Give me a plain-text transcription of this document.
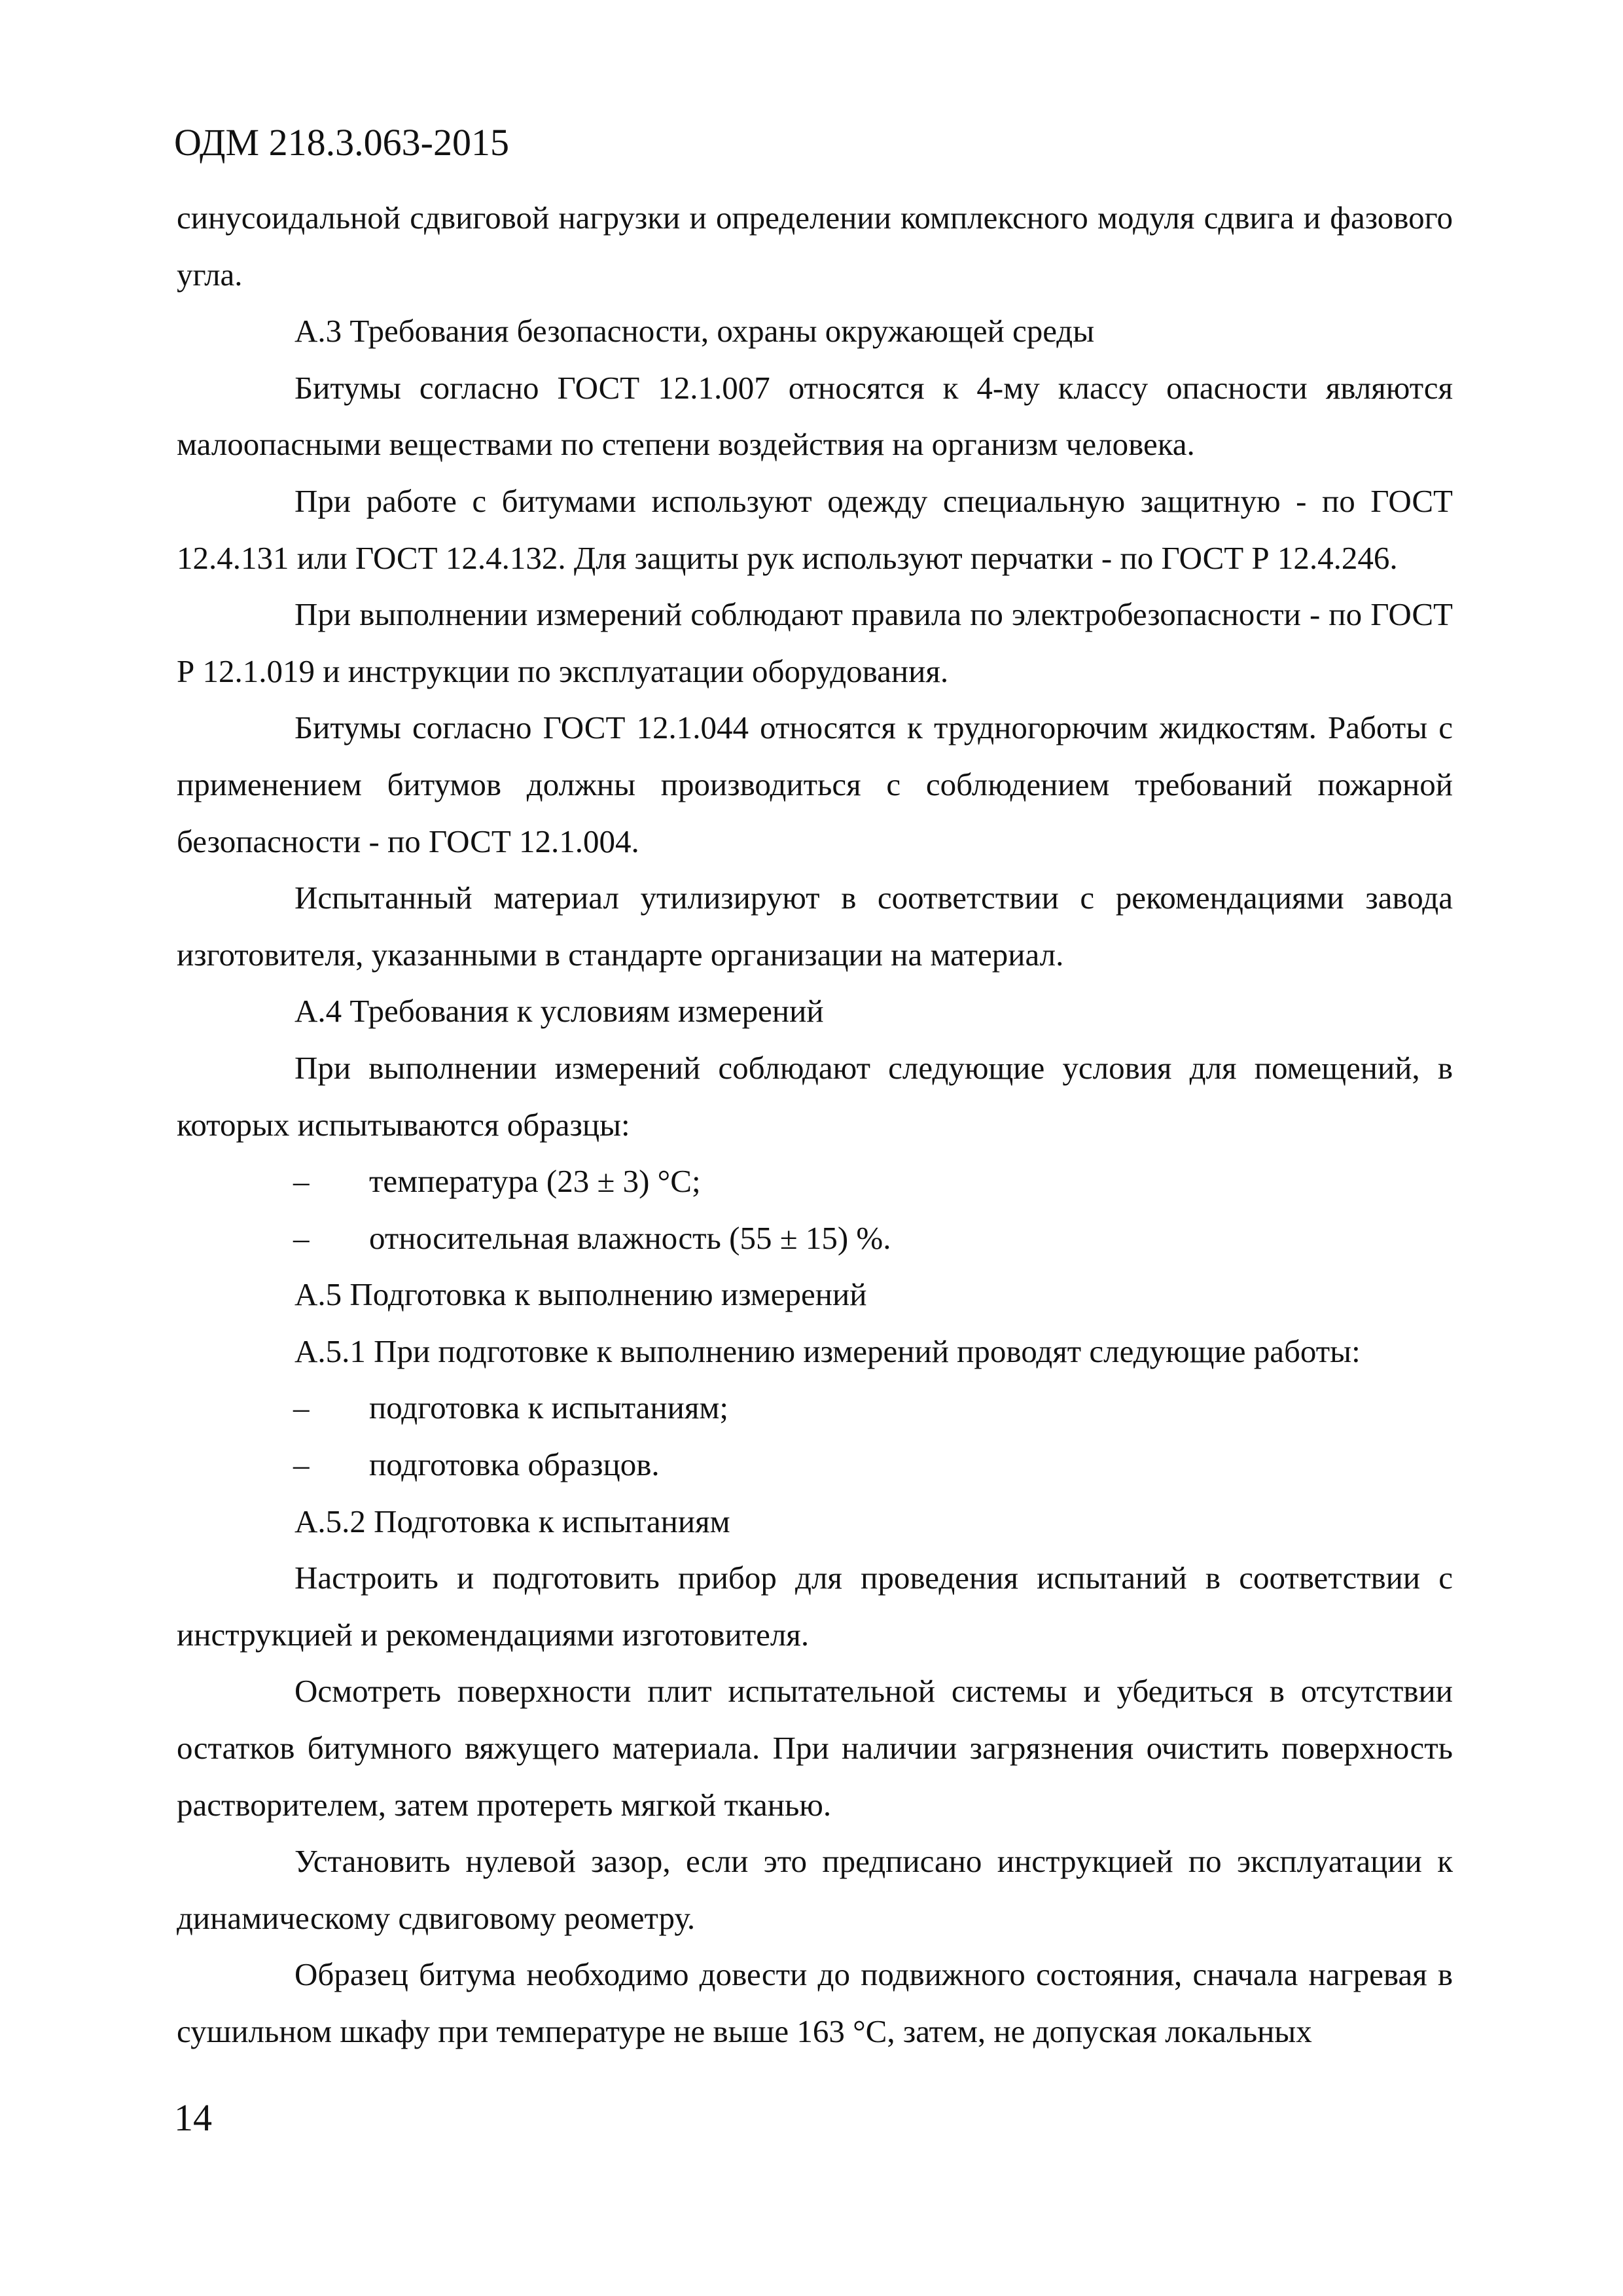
ОДМ 218.3.063-2015

синусоидальной сдвиговой нагрузки и определении комплексного модуля сдвига и фазового угла.

А.3 Требования безопасности, охраны окружающей среды

Битумы согласно ГОСТ 12.1.007 относятся к 4-му классу опасности являются малоопасными веществами по степени воздействия на организм человека.

При работе с битумами используют одежду специальную защитную - по ГОСТ 12.4.131 или ГОСТ 12.4.132. Для защиты рук используют перчатки - по ГОСТ Р 12.4.246.

При выполнении измерений соблюдают правила по электробезопасности - по ГОСТ Р 12.1.019 и инструкции по эксплуатации оборудования.

Битумы согласно ГОСТ 12.1.044 относятся к трудногорючим жидкостям. Работы с применением битумов должны производиться с соблюдением требований пожарной безопасности - по ГОСТ 12.1.004.

Испытанный материал утилизируют в соответствии с рекомендациями завода изготовителя, указанными в стандарте организации на материал.

А.4 Требования к условиям измерений

При выполнении измерений соблюдают следующие условия для помещений, в которых испытываются образцы:

– температура (23 ± 3) °С;
– относительная влажность (55 ± 15) %.

А.5 Подготовка к выполнению измерений

А.5.1 При подготовке к выполнению измерений проводят следующие работы:

– подготовка к испытаниям;
– подготовка образцов.

А.5.2 Подготовка к испытаниям

Настроить и подготовить прибор для проведения испытаний в соответствии с инструкцией и рекомендациями изготовителя.

Осмотреть поверхности плит испытательной системы и убедиться в отсутствии остатков битумного вяжущего материала. При наличии загрязнения очистить поверхность растворителем, затем протереть мягкой тканью.

Установить нулевой зазор, если это предписано инструкцией по эксплуатации к динамическому сдвиговому реометру.

Образец битума необходимо довести до подвижного состояния, сначала нагревая в сушильном шкафу при температуре не выше 163 °С, затем, не допуская локальных

14
